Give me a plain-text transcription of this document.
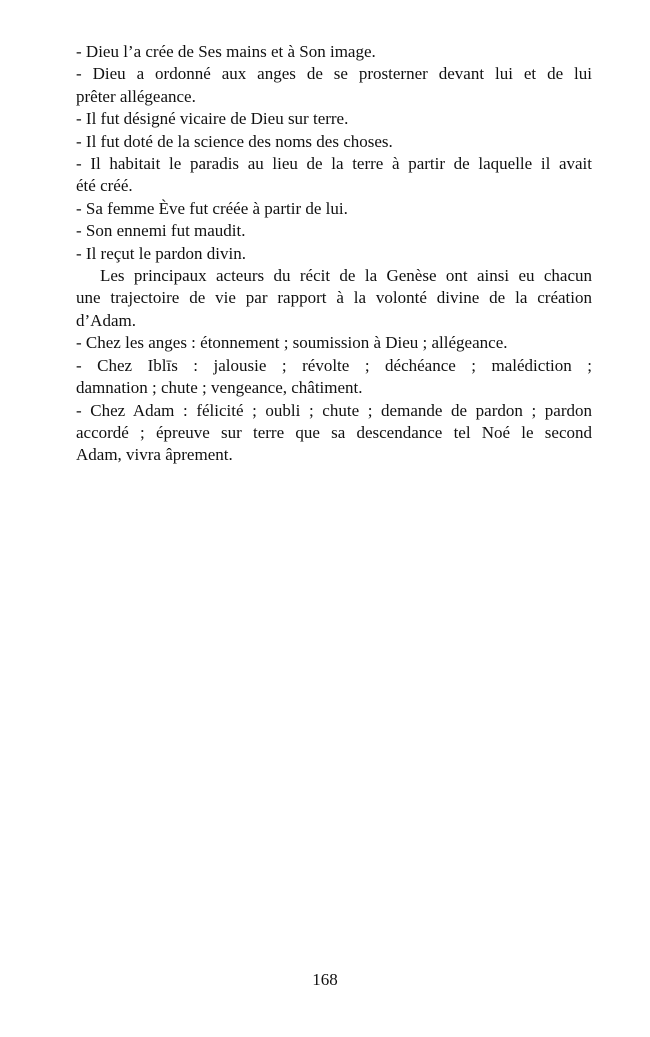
- Dieu l’a crée de Ses mains et à Son image.
- Dieu a ordonné aux anges de se prosterner devant lui et de lui
prêter allégeance.
- Il fut désigné vicaire de Dieu sur terre.
- Il fut doté de la science des noms des choses.
- Il habitait le paradis au lieu de la terre à partir de laquelle il avait
été créé.
- Sa femme Ève fut créée à partir de lui.
- Son ennemi fut maudit.
- Il reçut le pardon divin.
Les principaux acteurs du récit de la Genèse ont ainsi eu chacun
une trajectoire de vie par rapport à la volonté divine de la création
d’Adam.
- Chez les anges : étonnement ; soumission à Dieu ; allégeance.
- Chez Iblīs : jalousie ; révolte ; déchéance ; malédiction ;
damnation ; chute ; vengeance, châtiment.
- Chez Adam : félicité ; oubli ; chute ; demande de pardon ; pardon
accordé ; épreuve sur terre que sa descendance tel Noé le second
Adam, vivra âprement.
168
